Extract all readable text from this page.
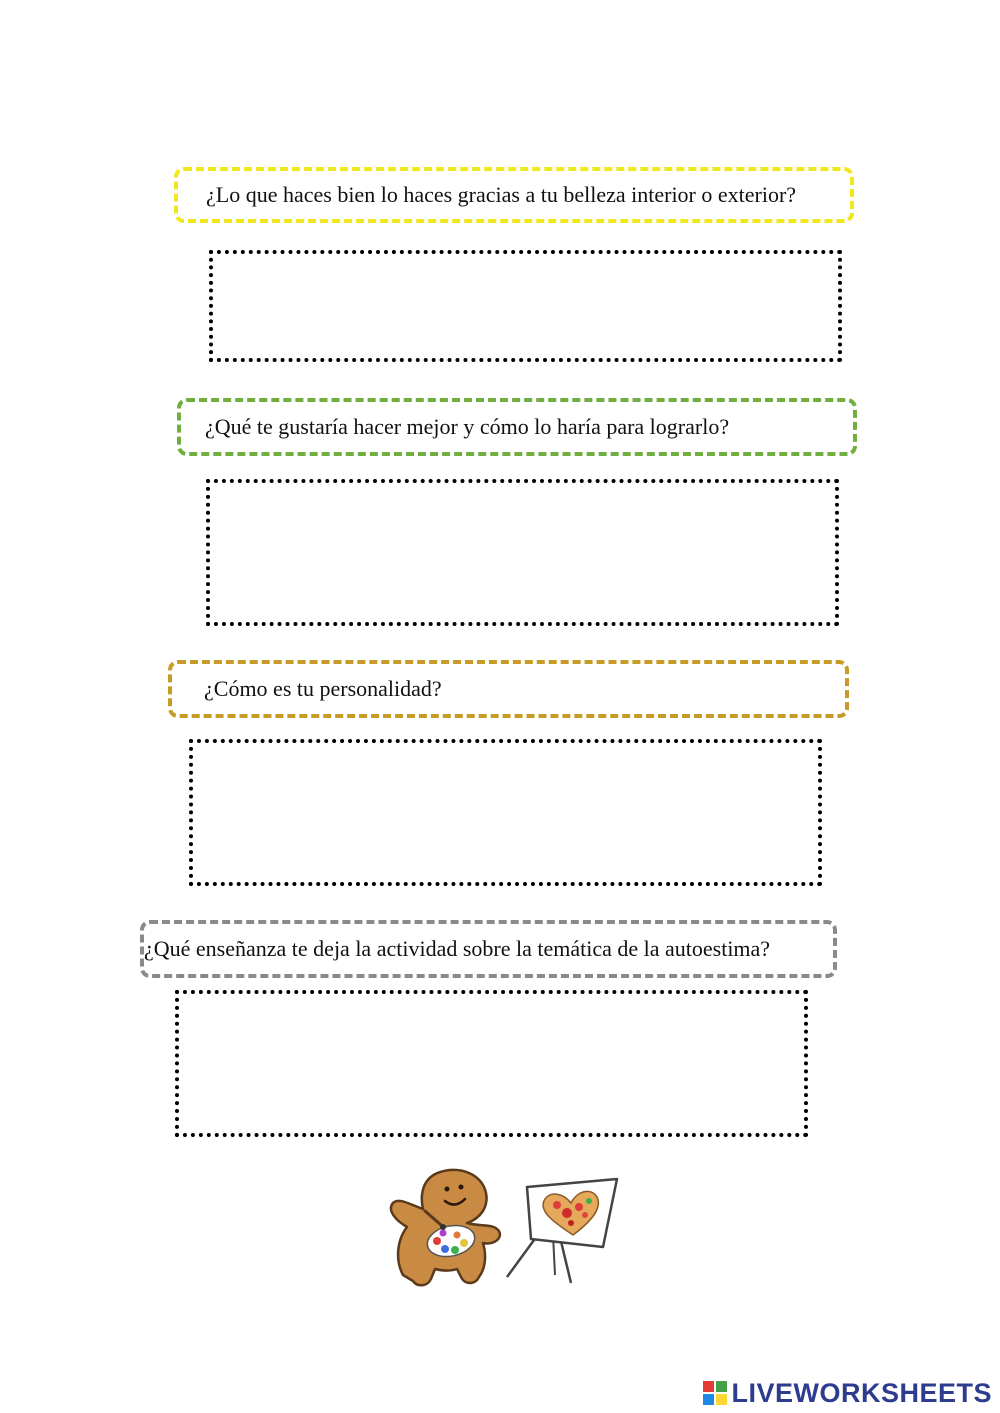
¿Lo que haces bien lo haces gracias a tu belleza interior o exterior?
¿Qué te gustaría hacer mejor y cómo lo haría para lograrlo?
¿Cómo es tu personalidad?
¿Qué enseñanza te deja la actividad sobre la temática de la autoestima?
LIVEWORKSHEETS
